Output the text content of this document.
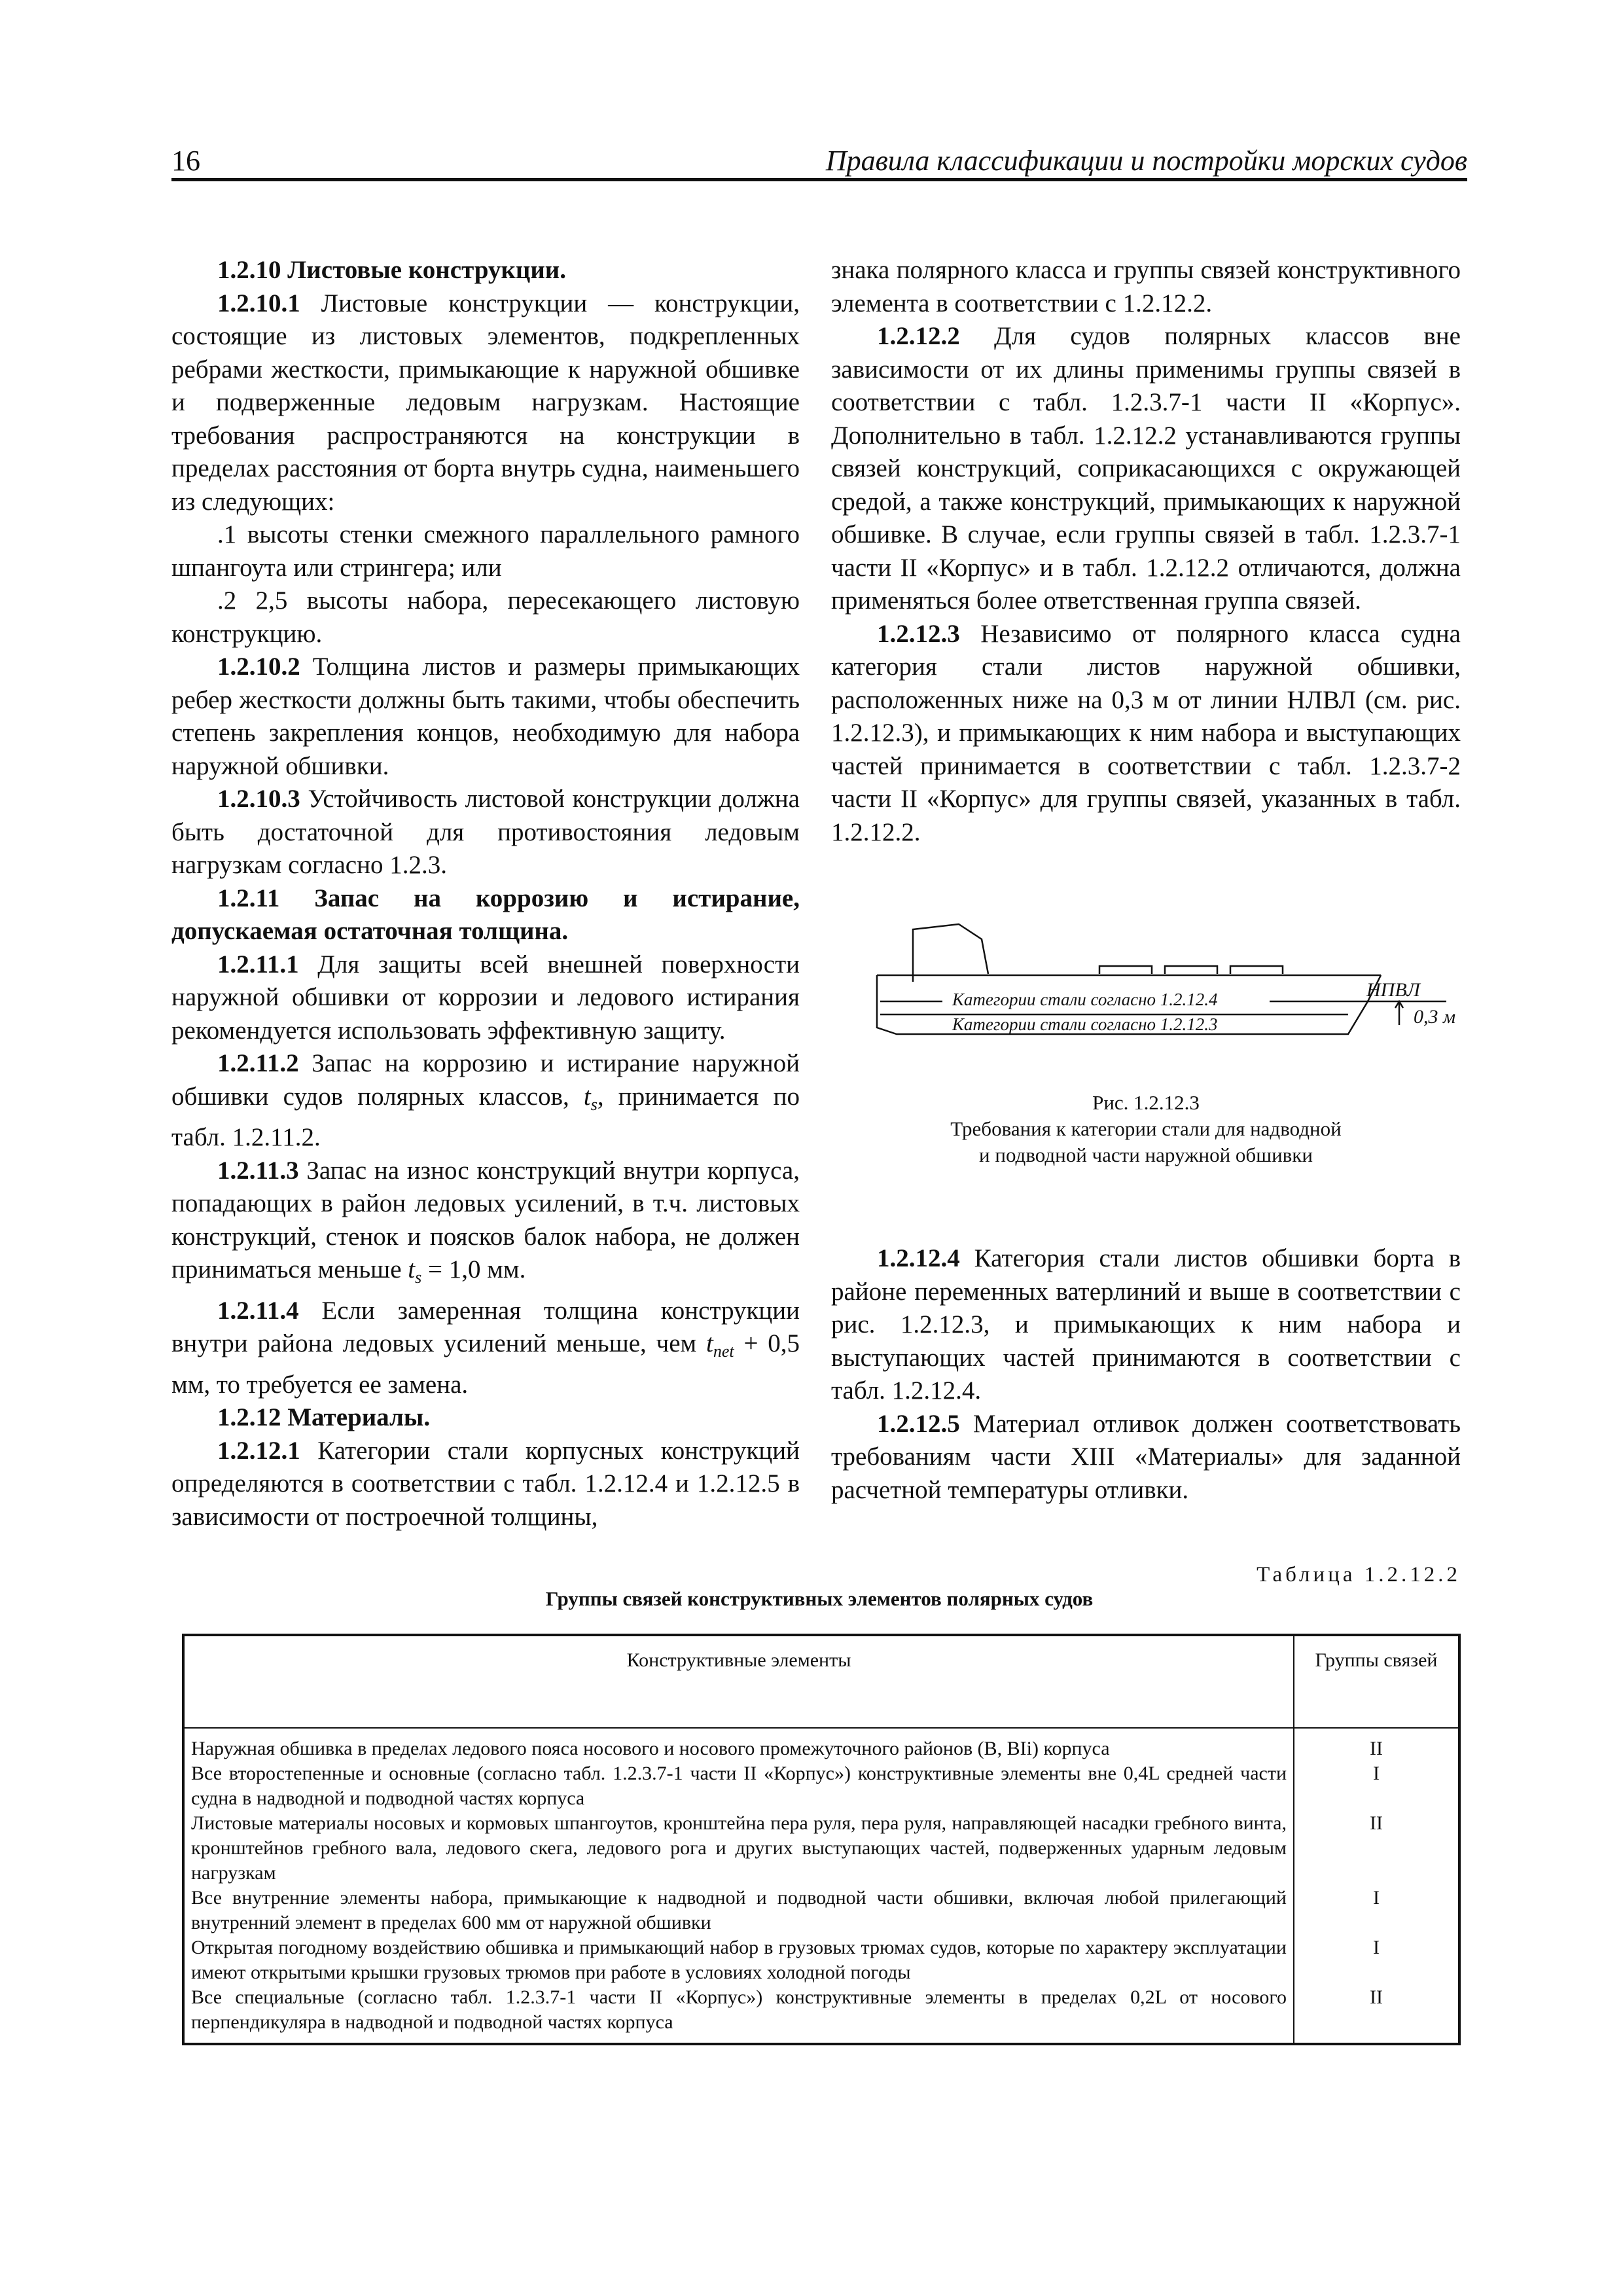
16	Правила классификации и постройки морских судов

1.2.10 Листовые конструкции.

1.2.10.1 Листовые конструкции — конструкции, состоящие из листовых элементов, подкрепленных ребрами жесткости, примыкающие к наружной обшивке и подверженные ледовым нагрузкам. Настоящие требования распространяются на конструкции в пределах расстояния от борта внутрь судна, наименьшего из следующих:

.1 высоты стенки смежного параллельного рамного шпангоута или стрингера; или

.2 2,5 высоты набора, пересекающего листовую конструкцию.

1.2.10.2 Толщина листов и размеры примыкающих ребер жесткости должны быть такими, чтобы обеспечить степень закрепления концов, необходимую для набора наружной обшивки.

1.2.10.3 Устойчивость листовой конструкции должна быть достаточной для противостояния ледовым нагрузкам согласно 1.2.3.

1.2.11 Запас на коррозию и истирание, допускаемая остаточная толщина.

1.2.11.1 Для защиты всей внешней поверхности наружной обшивки от коррозии и ледового истирания рекомендуется использовать эффективную защиту.

1.2.11.2 Запас на коррозию и истирание наружной обшивки судов полярных классов, $t_s$, принимается по табл. 1.2.11.2.

1.2.11.3 Запас на износ конструкций внутри корпуса, попадающих в район ледовых усилений, в т.ч. листовых конструкций, стенок и поясков балок набора, не должен приниматься меньше $t_s = 1,0$ мм.

1.2.11.4 Если замеренная толщина конструкции внутри района ледовых усилений меньше, чем $t_{net} + 0,5$ мм, то требуется ее замена.

1.2.12 Материалы.

1.2.12.1 Категории стали корпусных конструкций определяются в соответствии с табл. 1.2.12.4 и 1.2.12.5 в зависимости от построечной толщины,

знака полярного класса и группы связей конструктивного элемента в соответствии с 1.2.12.2.

1.2.12.2 Для судов полярных классов вне зависимости от их длины применимы группы связей в соответствии с табл. 1.2.3.7-1 части II «Корпус». Дополнительно в табл. 1.2.12.2 устанавливаются группы связей конструкций, соприкасающихся с окружающей средой, а также конструкций, примыкающих к наружной обшивке. В случае, если группы связей в табл. 1.2.3.7-1 части II «Корпус» и в табл. 1.2.12.2 отличаются, должна применяться более ответственная группа связей.

1.2.12.3 Независимо от полярного класса судна категория стали листов наружной обшивки, расположенных ниже на 0,3 м от линии НЛВЛ (см. рис. 1.2.12.3), и примыкающих к ним набора и выступающих частей принимается в соответствии с табл. 1.2.3.7-2 части II «Корпус» для группы связей, указанных в табл. 1.2.12.2.

Категории стали согласно 1.2.12.4
Категории стали согласно 1.2.12.3
НПВЛ
0,3 м
Рис. 1.2.12.3
Требования к категории стали для надводной
и подводной части наружной обшивки

1.2.12.4 Категория стали листов обшивки борта в районе переменных ватерлиний и выше в соответствии с рис. 1.2.12.3, и примыкающих к ним набора и выступающих частей принимаются в соответствии с табл. 1.2.12.4.

1.2.12.5 Материал отливок должен соответствовать требованиям части XIII «Материалы» для заданной расчетной температуры отливки.

Таблица 1.2.12.2
Группы связей конструктивных элементов полярных судов
Конструктивные элементы	Группы связей
Наружная обшивка в пределах ледового пояса носового и носового промежуточного районов (B, BIi) корпуса	II
Все второстепенные и основные (согласно табл. 1.2.3.7-1 части II «Корпус») конструктивные элементы вне 0,4L средней части судна в надводной и подводной частях корпуса	I
Листовые материалы носовых и кормовых шпангоутов, кронштейна пера руля, пера руля, направляющей насадки гребного винта, кронштейнов гребного вала, ледового скега, ледового рога и других выступающих частей, подверженных ударным ледовым нагрузкам	II
Все внутренние элементы набора, примыкающие к надводной и подводной части обшивки, включая любой прилегающий внутренний элемент в пределах 600 мм от наружной обшивки	I
Открытая погодному воздействию обшивка и примыкающий набор в грузовых трюмах судов, которые по характеру эксплуатации имеют открытыми крышки грузовых трюмов при работе в условиях холодной погоды	I
Все специальные (согласно табл. 1.2.3.7-1 части II «Корпус») конструктивные элементы в пределах 0,2L от носового перпендикуляра в надводной и подводной частях корпуса	II
